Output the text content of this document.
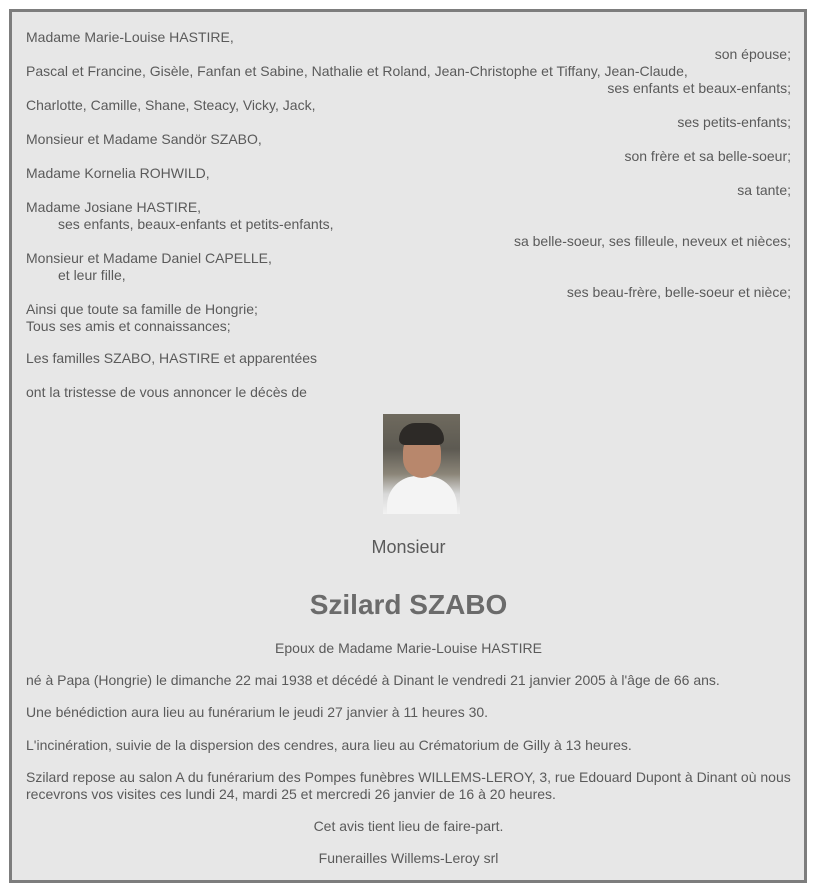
Madame Marie-Louise HASTIRE,
son épouse;
Pascal et Francine, Gisèle, Fanfan et Sabine, Nathalie et Roland, Jean-Christophe et Tiffany, Jean-Claude,
ses enfants et beaux-enfants;
Charlotte, Camille, Shane, Steacy, Vicky, Jack,
ses petits-enfants;
Monsieur et Madame Sandör SZABO,
son frère et sa belle-soeur;
Madame Kornelia ROHWILD,
sa tante;
Madame Josiane HASTIRE,
ses enfants, beaux-enfants et petits-enfants,
sa belle-soeur, ses filleule, neveux et nièces;
Monsieur et Madame Daniel CAPELLE,
et leur fille,
ses beau-frère, belle-soeur et nièce;
Ainsi que toute sa famille de Hongrie;
Tous ses amis et connaissances;
Les familles SZABO, HASTIRE et apparentées
ont la tristesse de vous annoncer le décès de
Monsieur
Szilard SZABO
Epoux de Madame Marie-Louise HASTIRE
né à Papa (Hongrie) le dimanche 22 mai 1938 et décédé à Dinant le vendredi 21 janvier 2005 à l'âge de 66 ans.
Une bénédiction aura lieu au funérarium le jeudi 27 janvier à 11 heures 30.
L'incinération, suivie de la dispersion des cendres, aura lieu au Crématorium de Gilly à 13 heures.
Szilard repose au salon A du funérarium des Pompes funèbres WILLEMS-LEROY, 3, rue Edouard Dupont à Dinant où nous recevrons vos visites ces lundi 24, mardi 25 et mercredi 26 janvier de 16 à 20 heures.
Cet avis tient lieu de faire-part.
Funerailles Willems-Leroy srl
